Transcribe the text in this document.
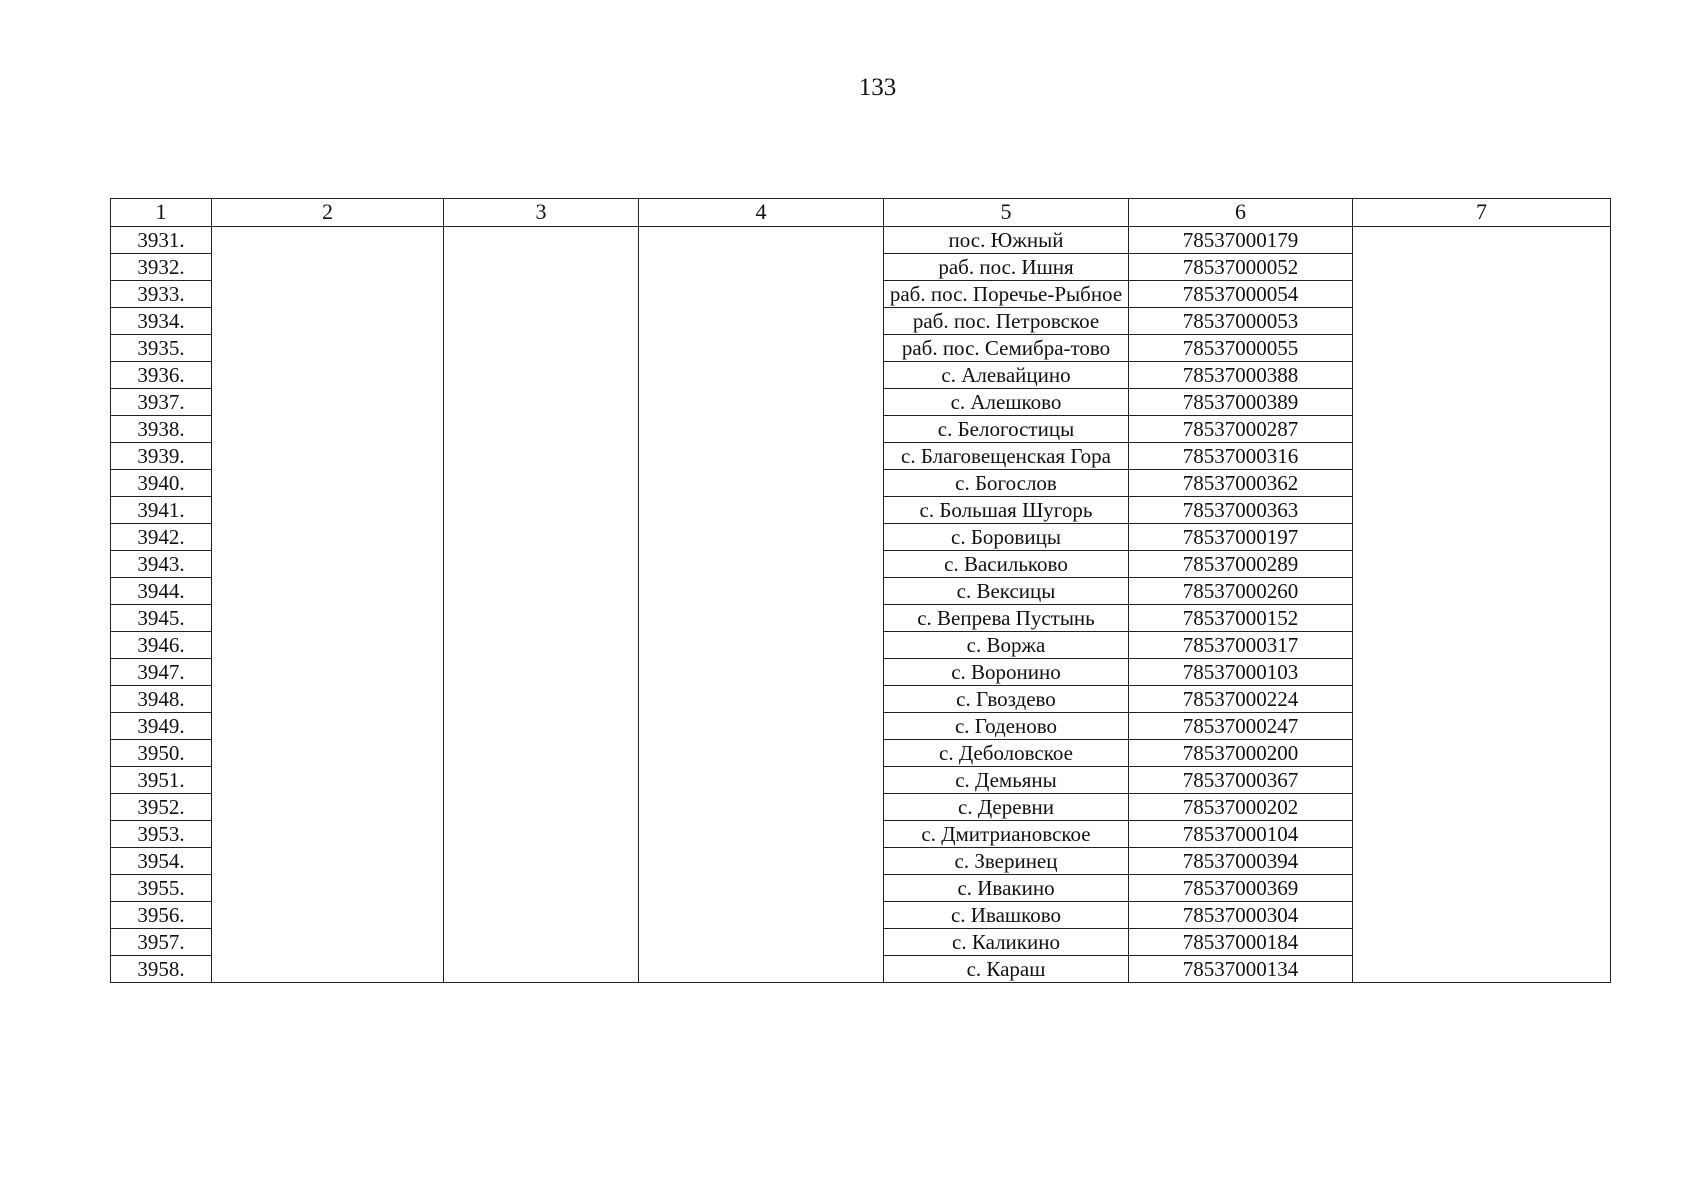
133
1	2	3	4	5	6	7
3931.				пос. Южный	78537000179	
3932.				раб. пос. Ишня	78537000052	
3933.				раб. пос. Поречье-Рыбное	78537000054	
3934.				раб. пос. Петровское	78537000053	
3935.				раб. пос. Семибра-тово	78537000055	
3936.				с. Алевайцино	78537000388	
3937.				с. Алешково	78537000389	
3938.				с. Белогостицы	78537000287	
3939.				с. Благовещенская Гора	78537000316	
3940.				с. Богослов	78537000362	
3941.				с. Большая Шугорь	78537000363	
3942.				с. Боровицы	78537000197	
3943.				с. Васильково	78537000289	
3944.				с. Вексицы	78537000260	
3945.				с. Вепрева Пустынь	78537000152	
3946.				с. Воржа	78537000317	
3947.				с. Воронино	78537000103	
3948.				с. Гвоздево	78537000224	
3949.				с. Годеново	78537000247	
3950.				с. Деболовское	78537000200	
3951.				с. Демьяны	78537000367	
3952.				с. Деревни	78537000202	
3953.				с. Дмитриановское	78537000104	
3954.				с. Зверинец	78537000394	
3955.				с. Ивакино	78537000369	
3956.				с. Ивашково	78537000304	
3957.				с. Каликино	78537000184	
3958.				с. Караш	78537000134	
